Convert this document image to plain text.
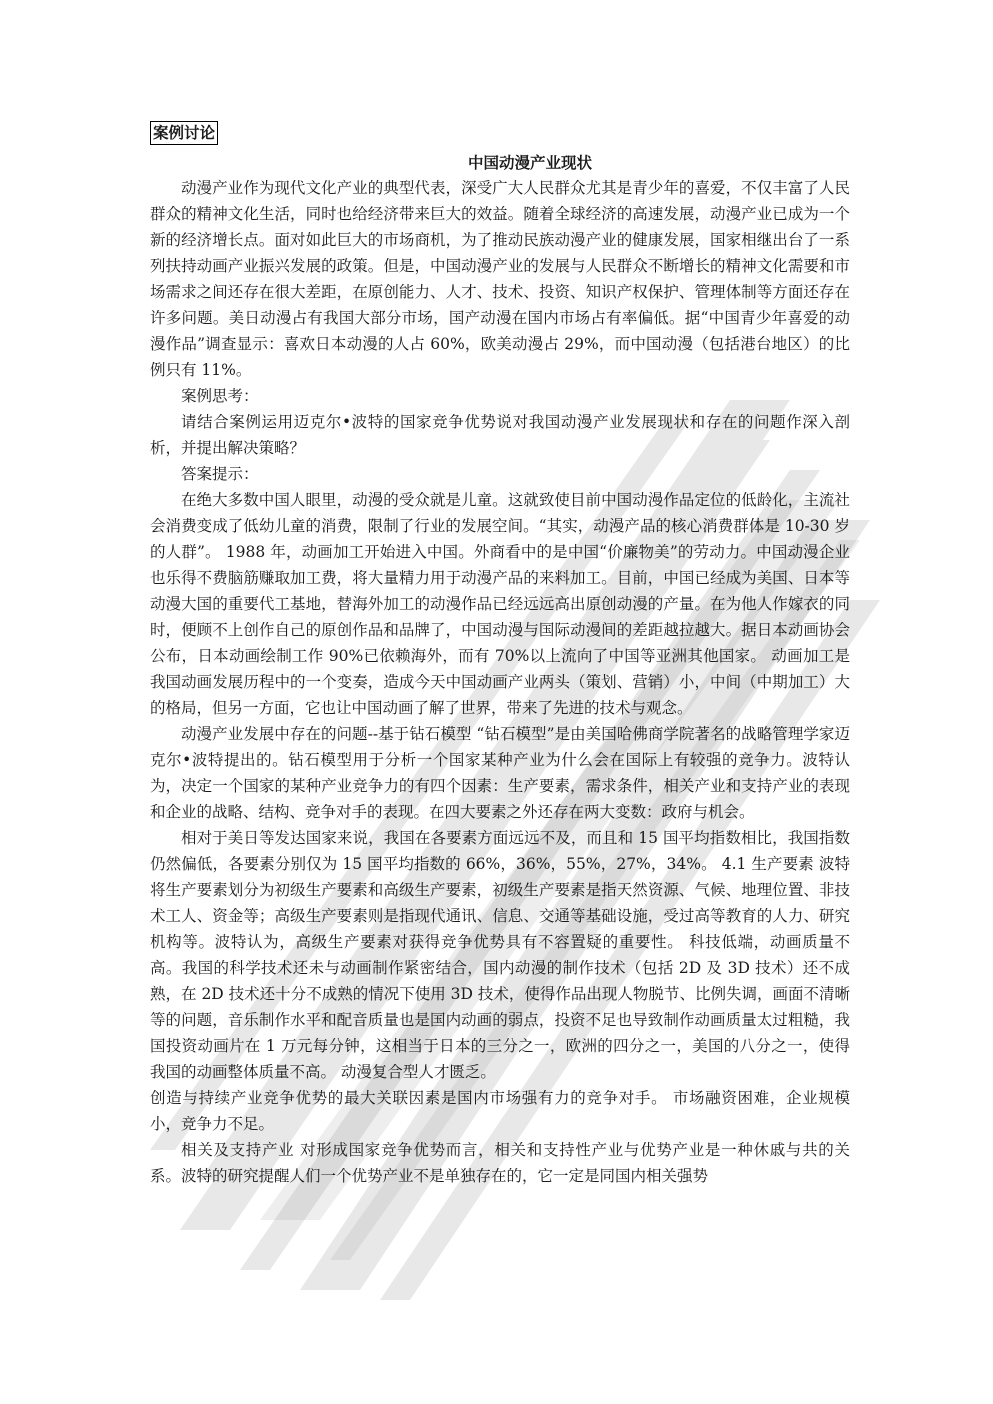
案例讨论
中国动漫产业现状

动漫产业作为现代文化产业的典型代表，深受广大人民群众尤其是青少年的喜爱，不仅丰富了人民群众的精神文化生活，同时也给经济带来巨大的效益。随着全球经济的高速发展，动漫产业已成为一个新的经济增长点。面对如此巨大的市场商机，为了推动民族动漫产业的健康发展，国家相继出台了一系列扶持动画产业振兴发展的政策。但是，中国动漫产业的发展与人民群众不断增长的精神文化需要和市场需求之间还存在很大差距，在原创能力、人才、技术、投资、知识产权保护、管理体制等方面还存在许多问题。美日动漫占有我国大部分市场，国产动漫在国内市场占有率偏低。据“中国青少年喜爱的动漫作品”调查显示：喜欢日本动漫的人占 60%，欧美动漫占 29%，而中国动漫（包括港台地区）的比例只有 11%。

案例思考：

请结合案例运用迈克尔•波特的国家竞争优势说对我国动漫产业发展现状和存在的问题作深入剖析，并提出解决策略？

答案提示：

在绝大多数中国人眼里，动漫的受众就是儿童。这就致使目前中国动漫作品定位的低龄化，主流社会消费变成了低幼儿童的消费，限制了行业的发展空间。“其实，动漫产品的核心消费群体是 10-30 岁的人群”。 1988 年，动画加工开始进入中国。外商看中的是中国“价廉物美”的劳动力。中国动漫企业也乐得不费脑筋赚取加工费，将大量精力用于动漫产品的来料加工。目前，中国已经成为美国、日本等动漫大国的重要代工基地，替海外加工的动漫作品已经远远高出原创动漫的产量。在为他人作嫁衣的同时，便顾不上创作自己的原创作品和品牌了，中国动漫与国际动漫间的差距越拉越大。据日本动画协会公布，日本动画绘制工作 90%已依赖海外，而有 70%以上流向了中国等亚洲其他国家。 动画加工是我国动画发展历程中的一个变奏，造成今天中国动画产业两头（策划、营销）小，中间（中期加工）大的格局，但另一方面，它也让中国动画了解了世界，带来了先进的技术与观念。

动漫产业发展中存在的问题--基于钻石模型 “钻石模型”是由美国哈佛商学院著名的战略管理学家迈克尔•波特提出的。钻石模型用于分析一个国家某种产业为什么会在国际上有较强的竞争力。波特认为，决定一个国家的某种产业竞争力的有四个因素：生产要素，需求条件，相关产业和支持产业的表现和企业的战略、结构、竞争对手的表现。在四大要素之外还存在两大变数：政府与机会。

相对于美日等发达国家来说，我国在各要素方面远远不及，而且和 15 国平均指数相比，我国指数仍然偏低，各要素分别仅为 15 国平均指数的 66%，36%，55%，27%，34%。 4.1 生产要素 波特将生产要素划分为初级生产要素和高级生产要素，初级生产要素是指天然资源、气候、地理位置、非技术工人、资金等；高级生产要素则是指现代通讯、信息、交通等基础设施，受过高等教育的人力、研究机构等。波特认为，高级生产要素对获得竞争优势具有不容置疑的重要性。 科技低端，动画质量不高。我国的科学技术还未与动画制作紧密结合，国内动漫的制作技术（包括 2D 及 3D 技术）还不成熟，在 2D 技术还十分不成熟的情况下使用 3D 技术，使得作品出现人物脱节、比例失调，画面不清晰等的问题，音乐制作水平和配音质量也是国内动画的弱点，投资不足也导致制作动画质量太过粗糙，我国投资动画片在 1 万元每分钟，这相当于日本的三分之一，欧洲的四分之一，美国的八分之一，使得我国的动画整体质量不高。 动漫复合型人才匮乏。

创造与持续产业竞争优势的最大关联因素是国内市场强有力的竞争对手。 市场融资困难，企业规模小，竞争力不足。

相关及支持产业 对形成国家竞争优势而言，相关和支持性产业与优势产业是一种休戚与共的关系。波特的研究提醒人们一个优势产业不是单独存在的，它一定是同国内相关强势
